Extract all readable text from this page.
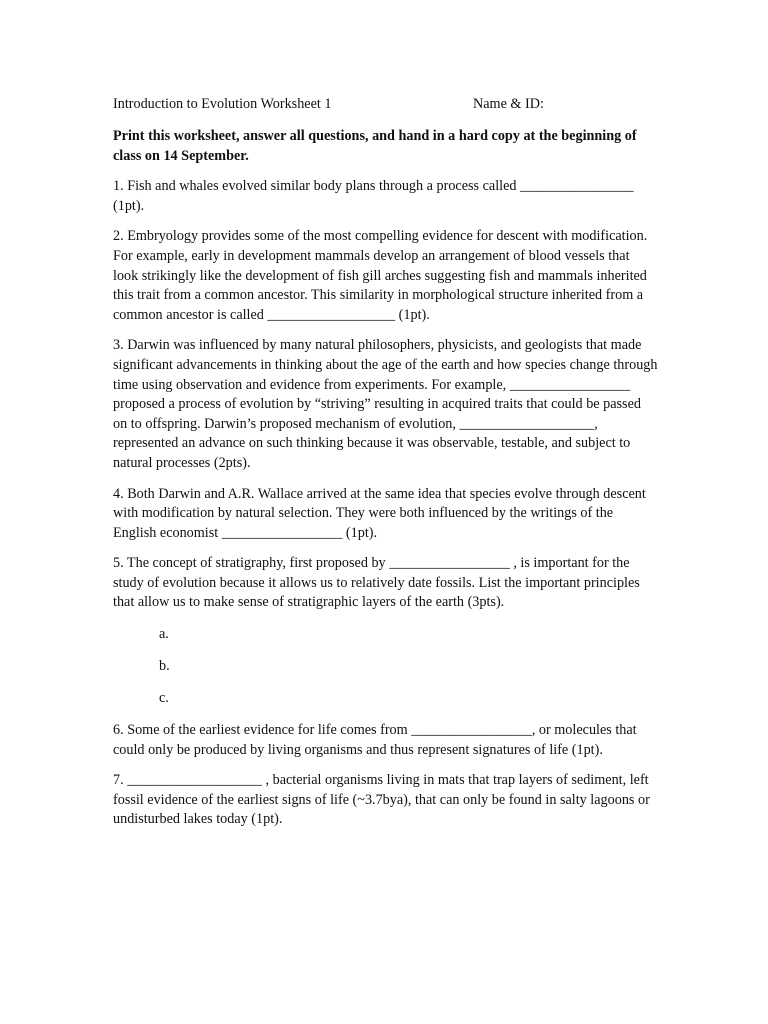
Introduction to Evolution Worksheet 1	Name & ID:

Print this worksheet, answer all questions, and hand in a hard copy at the beginning of class on 14 September.

1. Fish and whales evolved similar body plans through a process called ________________ (1pt).

2. Embryology provides some of the most compelling evidence for descent with modification. For example, early in development mammals develop an arrangement of blood vessels that look strikingly like the development of fish gill arches suggesting fish and mammals inherited this trait from a common ancestor. This similarity in morphological structure inherited from a common ancestor is called __________________ (1pt).

3. Darwin was influenced by many natural philosophers, physicists, and geologists that made significant advancements in thinking about the age of the earth and how species change through time using observation and evidence from experiments. For example, _________________ proposed a process of evolution by “striving” resulting in acquired traits that could be passed on to offspring. Darwin’s proposed mechanism of evolution, ___________________, represented an advance on such thinking because it was observable, testable, and subject to natural processes (2pts).

4. Both Darwin and A.R. Wallace arrived at the same idea that species evolve through descent with modification by natural selection. They were both influenced by the writings of the English economist _________________ (1pt).

5. The concept of stratigraphy, first proposed by _________________ , is important for the study of evolution because it allows us to relatively date fossils. List the important principles that allow us to make sense of stratigraphic layers of the earth (3pts).

a.
b.
c.

6. Some of the earliest evidence for life comes from _________________, or molecules that could only be produced by living organisms and thus represent signatures of life (1pt).

7. ___________________ , bacterial organisms living in mats that trap layers of sediment, left fossil evidence of the earliest signs of life (~3.7bya), that can only be found in salty lagoons or undisturbed lakes today (1pt).
